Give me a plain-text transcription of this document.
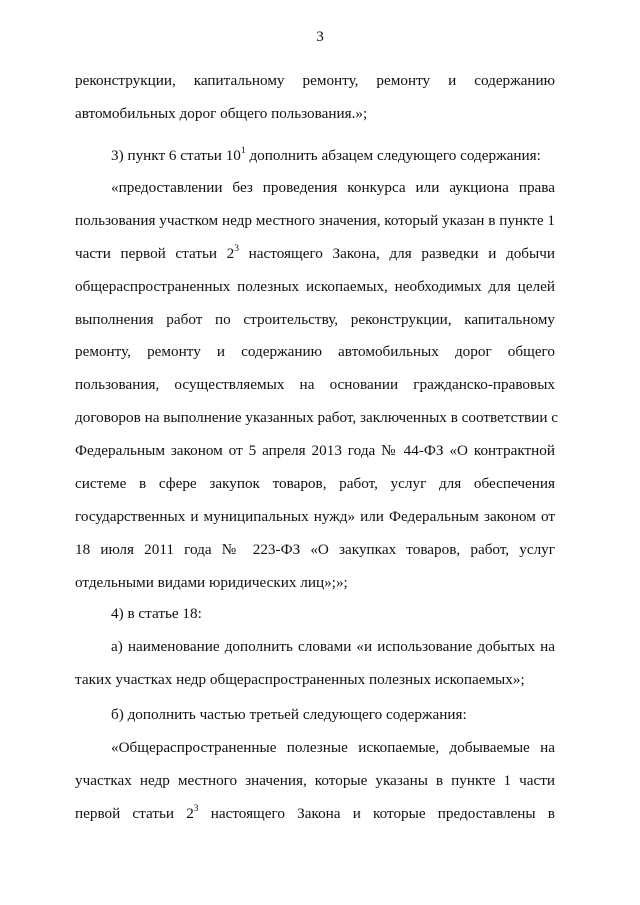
3
реконструкции, капитальному ремонту, ремонту и содержанию
автомобильных дорог общего пользования.»;
3) пункт 6 статьи $10^1$ дополнить абзацем следующего содержания:
«предоставлении без проведения конкурса или аукциона права
пользования участком недр местного значения, который указан в пункте 1
части первой статьи $2^3$ настоящего Закона, для разведки и добычи
общераспространенных полезных ископаемых, необходимых для целей
выполнения работ по строительству, реконструкции, капитальному
ремонту, ремонту и содержанию автомобильных дорог общего
пользования, осуществляемых на основании гражданско-правовых
договоров на выполнение указанных работ, заключенных в соответствии с
Федеральным законом от 5 апреля 2013 года № 44-ФЗ «О контрактной
системе в сфере закупок товаров, работ, услуг для обеспечения
государственных и муниципальных нужд» или Федеральным законом от
18 июля 2011 года № 223-ФЗ «О закупках товаров, работ, услуг
отдельными видами юридических лиц»;»;
4) в статье 18:
а) наименование дополнить словами «и использование добытых на
таких участках недр общераспространенных полезных ископаемых»;
б) дополнить частью третьей следующего содержания:
«Общераспространенные полезные ископаемые, добываемые на
участках недр местного значения, которые указаны в пункте 1 части
первой статьи $2^3$ настоящего Закона и которые предоставлены в
